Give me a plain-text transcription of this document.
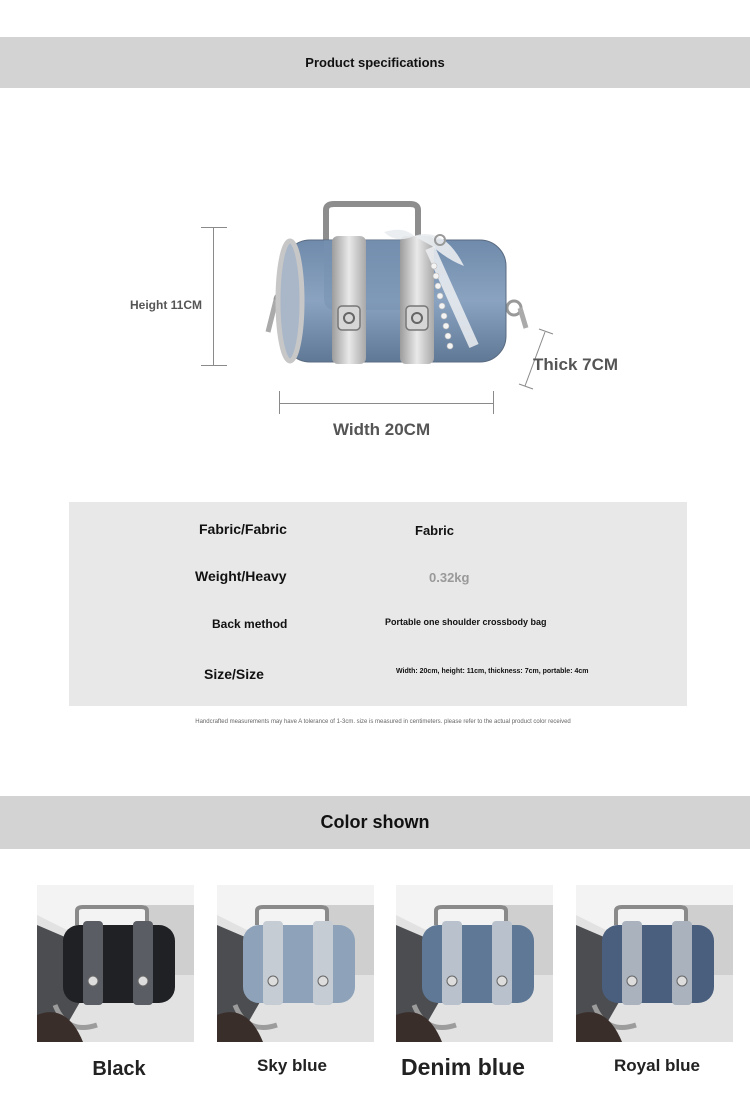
Product specifications
Height 11CM
Thick 7CM
Width 20CM
Fabric/Fabric	Fabric
Weight/Heavy	0.32kg
Back method	Portable one shoulder crossbody bag
Size/Size	Width: 20cm, height: 11cm, thickness: 7cm, portable: 4cm
Handcrafted measurements may have A tolerance of 1-3cm. size is measured in centimeters. please refer to the actual product color received
Color shown
Black	Sky blue	Denim blue	Royal blue
